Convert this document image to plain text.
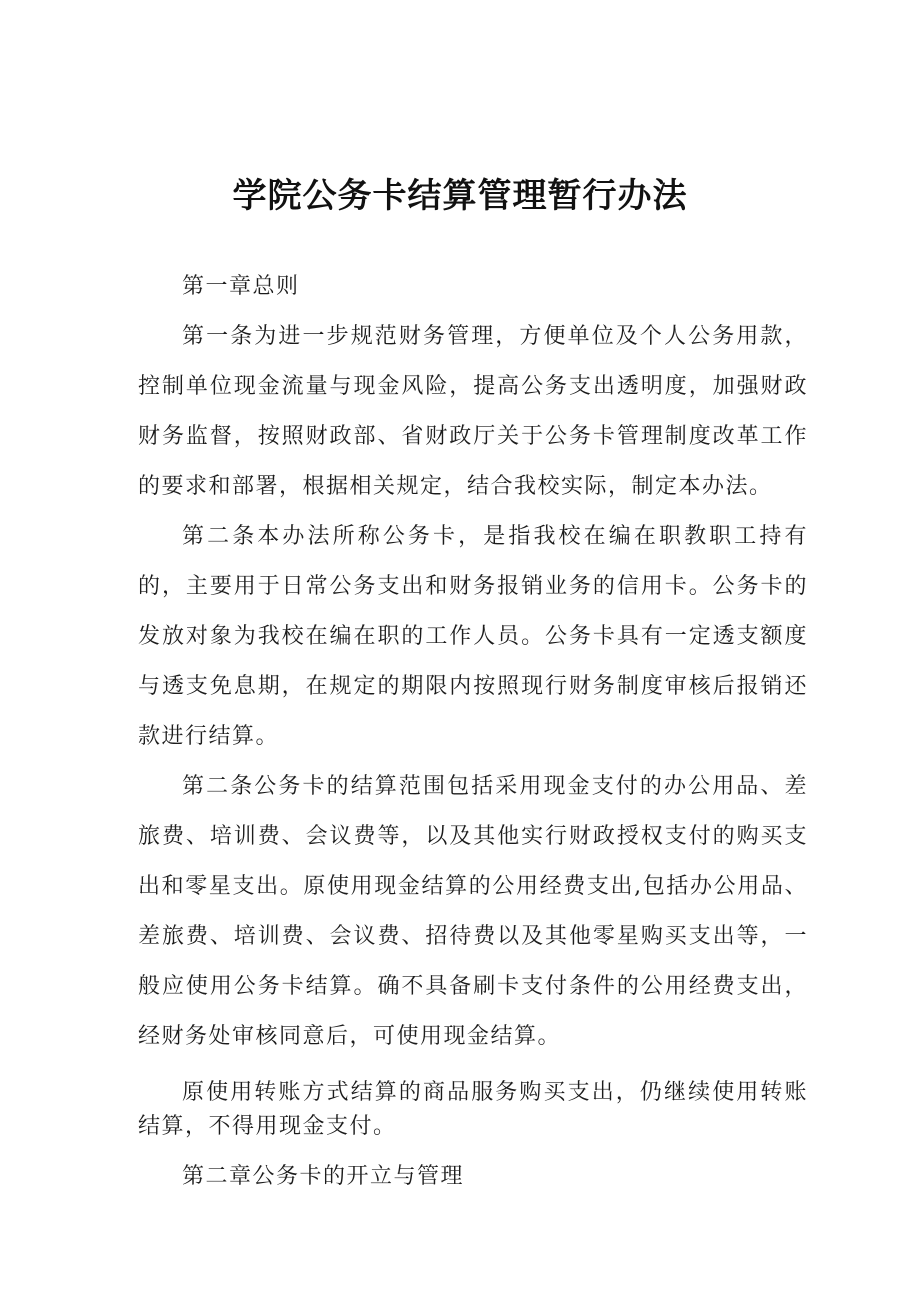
学院公务卡结算管理暂行办法

第一章总则

第一条为进一步规范财务管理，方便单位及个人公务用款，控制单位现金流量与现金风险，提高公务支出透明度，加强财政财务监督，按照财政部、省财政厅关于公务卡管理制度改革工作的要求和部署，根据相关规定，结合我校实际，制定本办法。

第二条本办法所称公务卡，是指我校在编在职教职工持有的，主要用于日常公务支出和财务报销业务的信用卡。公务卡的发放对象为我校在编在职的工作人员。公务卡具有一定透支额度与透支免息期，在规定的期限内按照现行财务制度审核后报销还款进行结算。

第二条公务卡的结算范围包括采用现金支付的办公用品、差旅费、培训费、会议费等，以及其他实行财政授权支付的购买支出和零星支出。原使用现金结算的公用经费支出,包括办公用品、差旅费、培训费、会议费、招待费以及其他零星购买支出等，一般应使用公务卡结算。确不具备刷卡支付条件的公用经费支出，经财务处审核同意后，可使用现金结算。

原使用转账方式结算的商品服务购买支出，仍继续使用转账结算，不得用现金支付。

第二章公务卡的开立与管理
